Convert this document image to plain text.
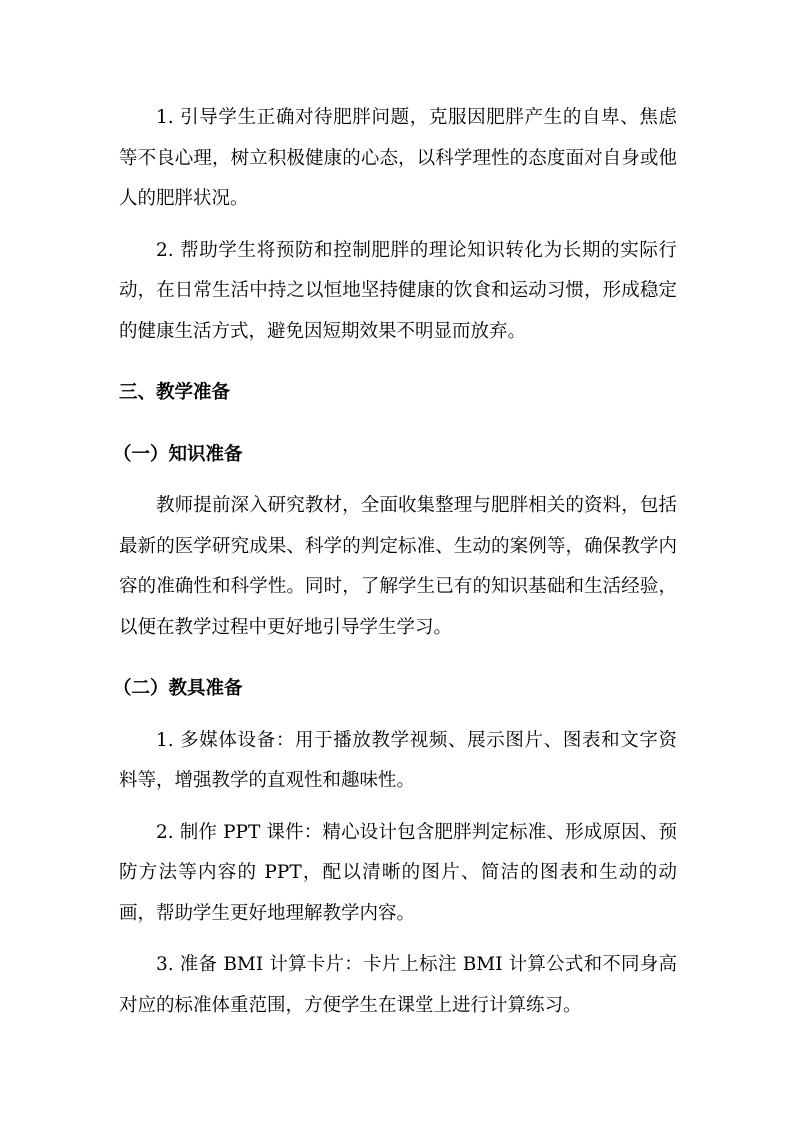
1. 引导学生正确对待肥胖问题，克服因肥胖产生的自卑、焦虑等不良心理，树立积极健康的心态，以科学理性的态度面对自身或他人的肥胖状况。

2. 帮助学生将预防和控制肥胖的理论知识转化为长期的实际行动，在日常生活中持之以恒地坚持健康的饮食和运动习惯，形成稳定的健康生活方式，避免因短期效果不明显而放弃。

三、教学准备
（一）知识准备

教师提前深入研究教材，全面收集整理与肥胖相关的资料，包括最新的医学研究成果、科学的判定标准、生动的案例等，确保教学内容的准确性和科学性。同时，了解学生已有的知识基础和生活经验，以便在教学过程中更好地引导学生学习。

（二）教具准备

1. 多媒体设备：用于播放教学视频、展示图片、图表和文字资料等，增强教学的直观性和趣味性。

2. 制作 PPT 课件：精心设计包含肥胖判定标准、形成原因、预防方法等内容的 PPT，配以清晰的图片、简洁的图表和生动的动画，帮助学生更好地理解教学内容。

3. 准备 BMI 计算卡片：卡片上标注 BMI 计算公式和不同身高对应的标准体重范围，方便学生在课堂上进行计算练习。
